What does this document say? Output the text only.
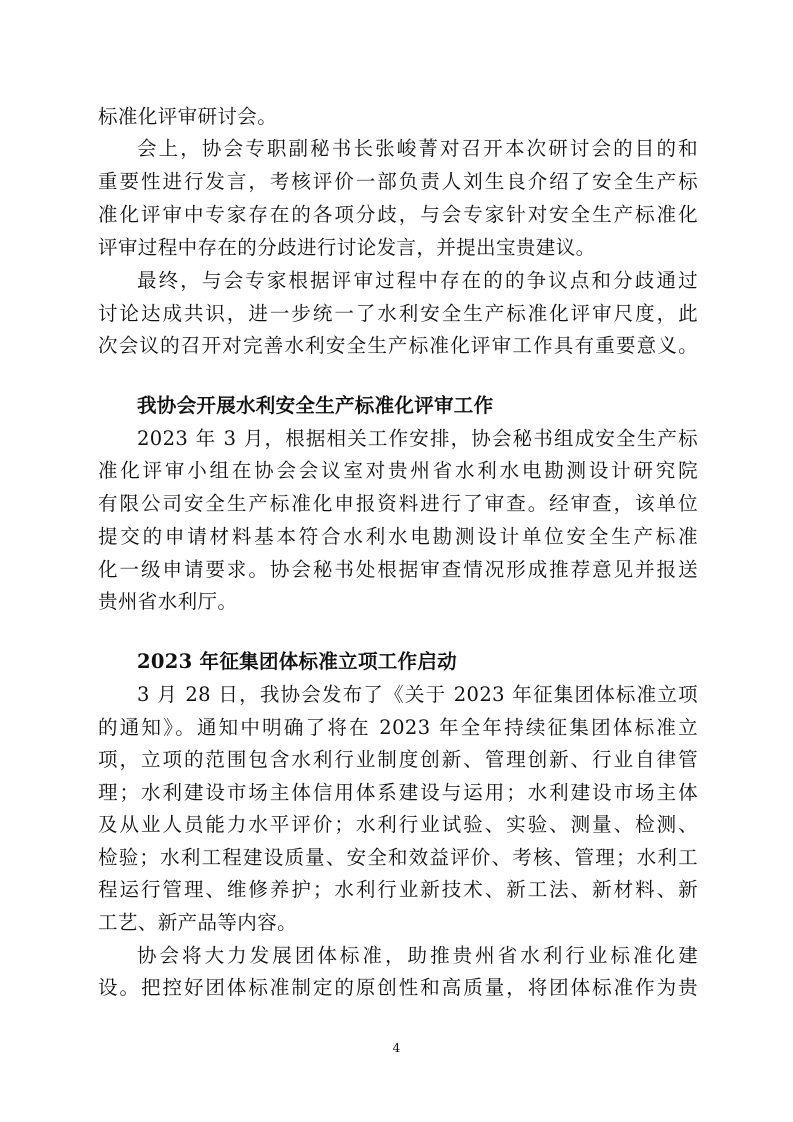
标准化评审研讨会。
会上，协会专职副秘书长张峻菁对召开本次研讨会的目的和
重要性进行发言，考核评价一部负责人刘生良介绍了安全生产标
准化评审中专家存在的各项分歧，与会专家针对安全生产标准化
评审过程中存在的分歧进行讨论发言，并提出宝贵建议。
最终，与会专家根据评审过程中存在的的争议点和分歧通过
讨论达成共识，进一步统一了水利安全生产标准化评审尺度，此
次会议的召开对完善水利安全生产标准化评审工作具有重要意义。
我协会开展水利安全生产标准化评审工作
2023 年 3 月，根据相关工作安排，协会秘书组成安全生产标
准化评审小组在协会会议室对贵州省水利水电勘测设计研究院
有限公司安全生产标准化申报资料进行了审查。经审查，该单位
提交的申请材料基本符合水利水电勘测设计单位安全生产标准
化一级申请要求。协会秘书处根据审查情况形成推荐意见并报送
贵州省水利厅。
2023 年征集团体标准立项工作启动
3 月 28 日，我协会发布了《关于 2023 年征集团体标准立项
的通知》。通知中明确了将在 2023 年全年持续征集团体标准立
项，立项的范围包含水利行业制度创新、管理创新、行业自律管
理；水利建设市场主体信用体系建设与运用；水利建设市场主体
及从业人员能力水平评价；水利行业试验、实验、测量、检测、
检验；水利工程建设质量、安全和效益评价、考核、管理；水利工
程运行管理、维修养护；水利行业新技术、新工法、新材料、新
工艺、新产品等内容。
协会将大力发展团体标准，助推贵州省水利行业标准化建
设。把控好团体标准制定的原创性和高质量，将团体标准作为贵
4
